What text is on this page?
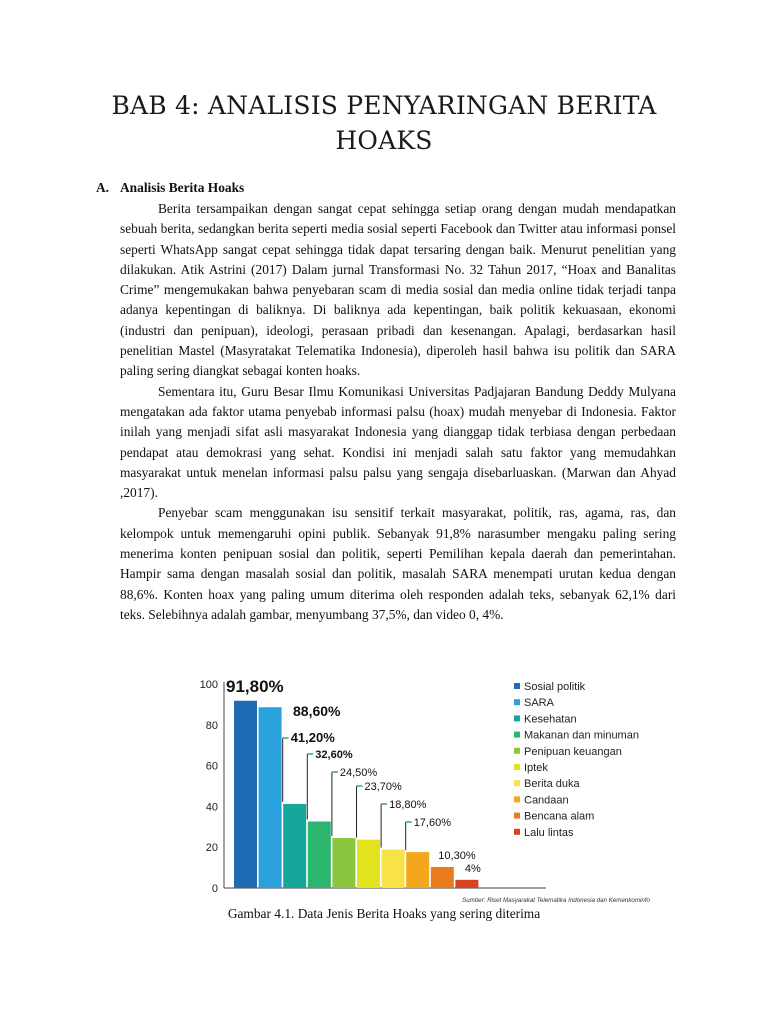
BAB 4: ANALISIS PENYARINGAN BERITA
HOAKS
A. Analisis Berita Hoaks

Berita tersampaikan dengan sangat cepat sehingga setiap orang dengan mudah mendapatkan sebuah berita, sedangkan berita seperti media sosial seperti Facebook dan Twitter atau informasi ponsel seperti WhatsApp sangat cepat sehingga tidak dapat tersaring dengan baik. Menurut penelitian yang dilakukan. Atik Astrini (2017) Dalam jurnal Transformasi No. 32 Tahun 2017, “Hoax and Banalitas Crime” mengemukakan bahwa penyebaran scam di media sosial dan media online tidak terjadi tanpa adanya kepentingan di baliknya. Di baliknya ada kepentingan, baik politik kekuasaan, ekonomi (industri dan penipuan), ideologi, perasaan pribadi dan kesenangan. Apalagi, berdasarkan hasil penelitian Mastel (Masyratakat Telematika Indonesia), diperoleh hasil bahwa isu politik dan SARA paling sering diangkat sebagai konten hoaks.

Sementara itu, Guru Besar Ilmu Komunikasi Universitas Padjajaran Bandung Deddy Mulyana mengatakan ada faktor utama penyebab informasi palsu (hoax) mudah menyebar di Indonesia. Faktor inilah yang menjadi sifat asli masyarakat Indonesia yang dianggap tidak terbiasa dengan perbedaan pendapat atau demokrasi yang sehat. Kondisi ini menjadi salah satu faktor yang memudahkan masyarakat untuk menelan informasi palsu palsu yang sengaja disebarluaskan. (Marwan dan Ahyad ,2017).

Penyebar scam menggunakan isu sensitif terkait masyarakat, politik, ras, agama, ras, dan kelompok untuk memengaruhi opini publik. Sebanyak 91,8% narasumber mengaku paling sering menerima konten penipuan sosial dan politik, seperti Pemilihan kepala daerah dan pemerintahan. Hampir sama dengan masalah sosial dan politik, masalah SARA menempati urutan kedua dengan 88,6%. Konten hoax yang paling umum diterima oleh responden adalah teks, sebanyak 62,1% dari teks. Selebihnya adalah gambar, menyumbang 37,5%, dan video 0, 4%.

0
20
40
60
80
100 91,80%
88,60%
41,20%
32,60%
24,50%
23,70%
18,80%
17,60%
10,30%
4%
Sosial politik
SARA
Kesehatan
Makanan dan minuman
Penipuan keuangan
Iptek
Berita duka
Candaan
Bencana alam
Lalu lintas
Sumber: Riset Masyarakat Telematika Indonesia dan Kemenkominfo
Gambar 4.1. Data Jenis Berita Hoaks yang sering diterima
